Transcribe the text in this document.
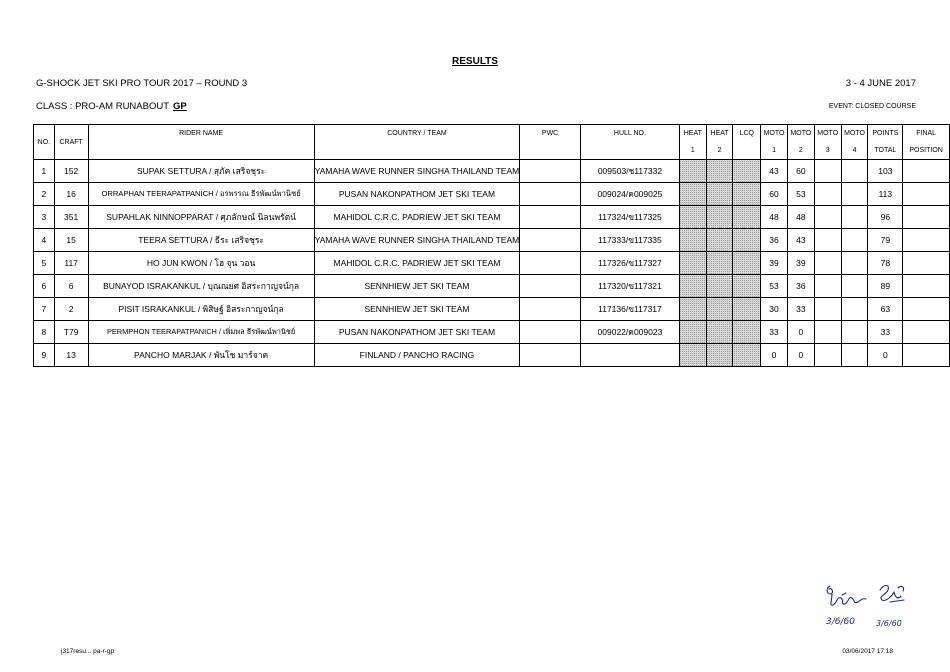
RESULTS
G-SHOCK JET SKI PRO TOUR 2017 – ROUND 3	3 - 4 JUNE 2017
CLASS : PRO-AM RUNABOUT GP	EVENT: CLOSED COURSE
NO.	CRAFT	RIDER NAME	COUNTRY / TEAM	PWC	HULL NO.	HEAT	HEAT	LCQ	MOTO	MOTO	MOTO	MOTO	POINTS	FINAL
						1	2		1	2	3	4	TOTAL	POSITION
1	152	SUPAK SETTURA / สุภัค เสริจชุระ	YAMAHA WAVE RUNNER SINGHA THAILAND TEAM		009503/ช117332				43	60			103	
2	16	ORRAPHAN TEERAPATPANICH / อรพรรณ ธีรพัฒน์พานิชย์	PUSAN NAKONPATHOM JET SKI TEAM		009024/ค009025				60	53			113	
3	351	SUPAHLAK NINNOPPARAT / ศุภลักษณ์ นิลนพรัตน์	MAHIDOL C.R.C. PADRIEW JET SKI TEAM		117324/ข117325				48	48			96	
4	15	TEERA SETTURA / ธีระ เสริจชุระ	YAMAHA WAVE RUNNER SINGHA THAILAND TEAM		117333/ข117335				36	43			79	
5	117	HO JUN KWON / โฮ จุน วอน	MAHIDOL C.R.C. PADRIEW JET SKI TEAM		117326/ข117327				39	39			78	
6	6	BUNAYOD ISRAKANKUL / บุณณยศ อิสระกาญจน์กุล	SENNHIEW JET SKI TEAM		117320/ข117321				53	36			89	
7	2	PISIT ISRAKANKUL / พิสิษฐ์ อิสระกาญจน์กุล	SENNHIEW JET SKI TEAM		117136/ข117317				30	33			63	
8	T79	PERMPHON TEERAPATPANICH / เพิ่มพล ธีรพัฒน์พานิชย์	PUSAN NAKONPATHOM JET SKI TEAM		009022/ค009023				33	0			33	
9	13	PANCHO MARJAK / พันโช มาร์จาค	FINLAND / PANCHO RACING						0	0			0	
3/6/60	3/6/60
j317resu... pa-r-gp	03/06/2017 17:18
